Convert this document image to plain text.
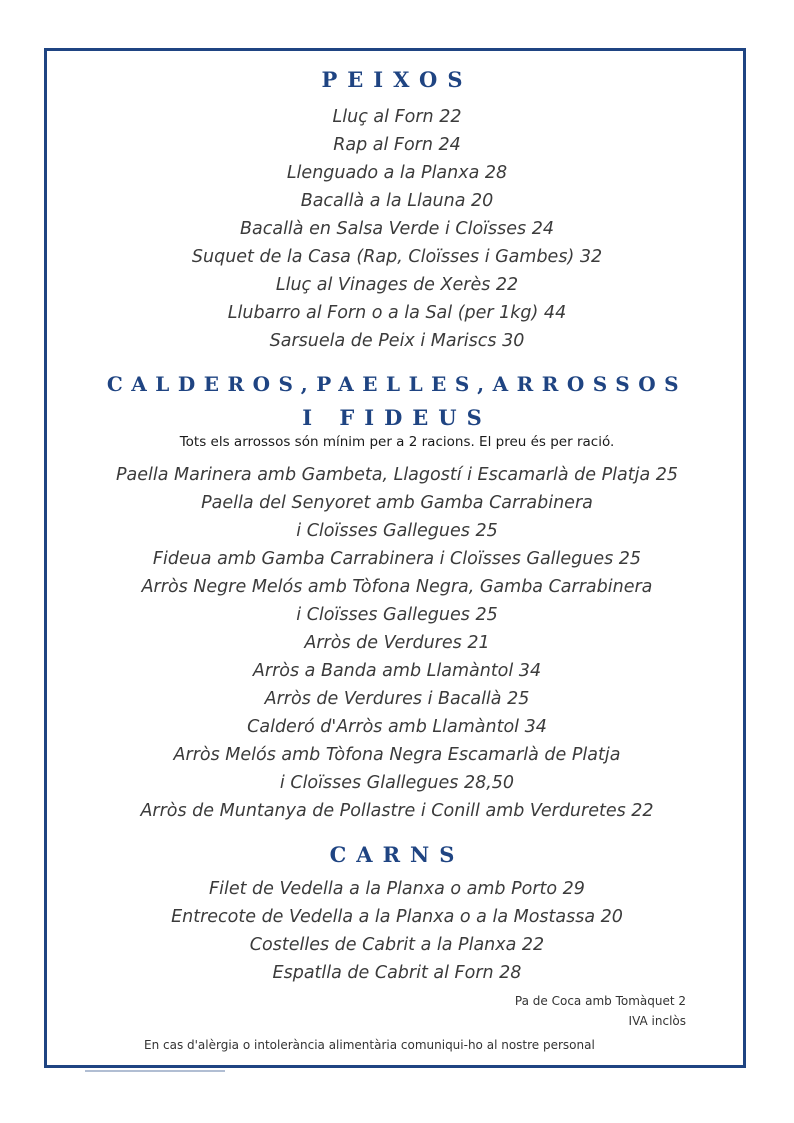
PEIXOS
Lluç al Forn 22
Rap al Forn 24
Llenguado a la Planxa 28
Bacallà a la Llauna 20
Bacallà en Salsa Verde i Cloïsses 24
Suquet de la Casa (Rap, Cloïsses i Gambes) 32
Lluç al Vinages de Xerès 22
Llubarro al Forn o a la Sal (per 1kg) 44
Sarsuela de Peix i Mariscs 30
CALDEROS,PAELLES,ARROSSOS
I FIDEUS
Tots els arrossos són mínim per a 2 racions. El preu és per ració.
Paella Marinera amb Gambeta, Llagostí i Escamarlà de Platja 25
Paella del Senyoret amb Gamba Carrabinera
i Cloïsses Gallegues 25
Fideua amb Gamba Carrabinera i Cloïsses Gallegues 25
Arròs Negre Melós amb Tòfona Negra, Gamba Carrabinera
i Cloïsses Gallegues 25
Arròs de Verdures 21
Arròs a Banda amb Llamàntol 34
Arròs de Verdures i Bacallà 25
Calderó d'Arròs amb Llamàntol 34
Arròs Melós amb Tòfona Negra Escamarlà de Platja
i Cloïsses Glallegues 28,50
Arròs de Muntanya de Pollastre i Conill amb Verduretes 22
CARNS
Filet de Vedella a la Planxa o amb Porto 29
Entrecote de Vedella a la Planxa o a la Mostassa 20
Costelles de Cabrit a la Planxa 22
Espatlla de Cabrit al Forn 28
Pa de Coca amb Tomàquet 2
IVA inclòs
En cas d'alèrgia o intolerància alimentària comuniqui-ho al nostre personal
